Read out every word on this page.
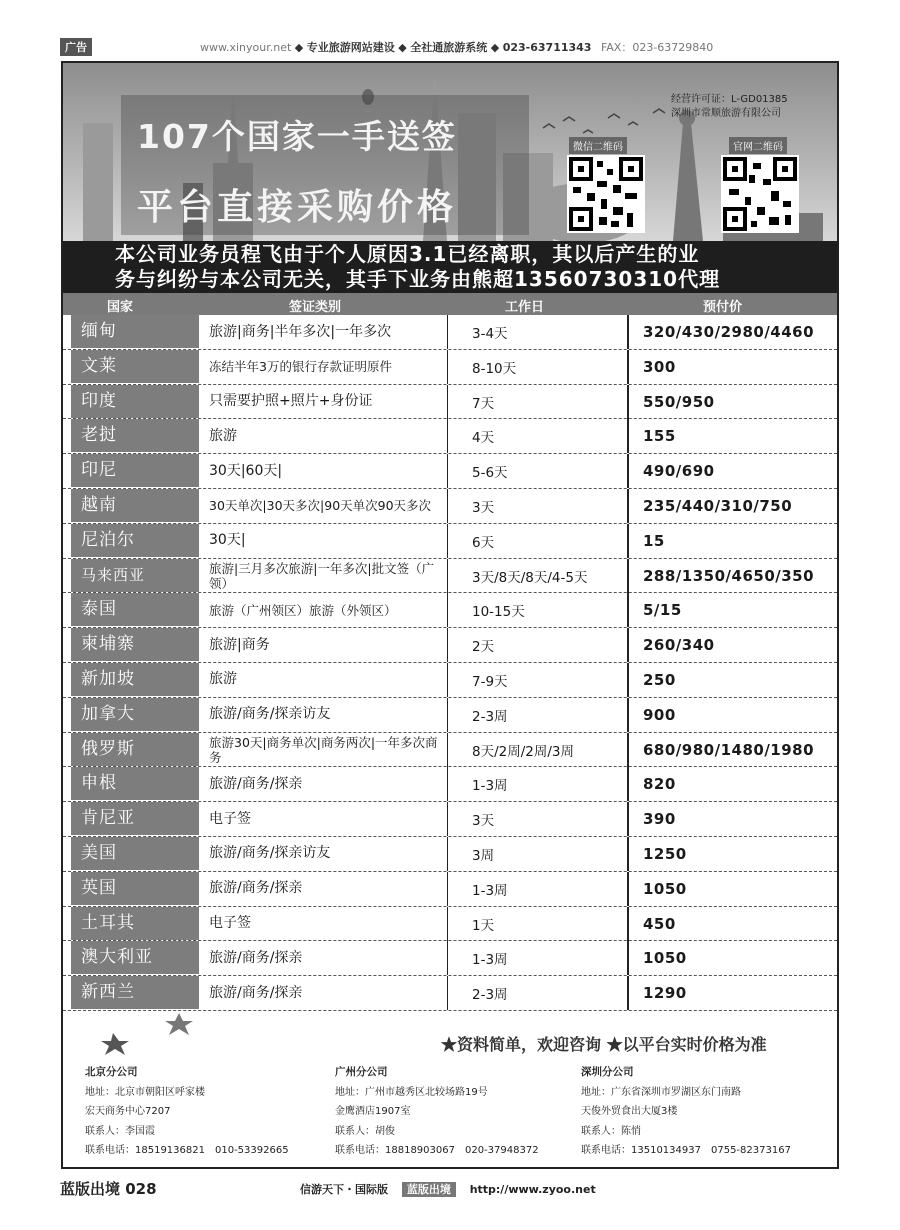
广告	www.xinyour.net ◆ 专业旅游网站建设 ◆ 全社通旅游系统 ◆ 023-63711343 FAX：023-63729840
107个国家一手送签
平台直接采购价格
经营许可证：L-GD01385
深圳市常顺旅游有限公司
微信二维码	官网二维码
本公司业务员程飞由于个人原因3.1已经离职，其以后产生的业
务与纠纷与本公司无关，其手下业务由熊超13560730310代理
国家	签证类别	工作日	预付价
缅甸	旅游|商务|半年多次|一年多次	3-4天	320/430/2980/4460
文莱	冻结半年3万的银行存款证明原件	8-10天	300
印度	只需要护照+照片+身份证	7天	550/950
老挝	旅游	4天	155
印尼	30天|60天|	5-6天	490/690
越南	30天单次|30天多次|90天单次90天多次	3天	235/440/310/750
尼泊尔	30天|	6天	15
马来西亚	旅游|三月多次旅游|一年多次|批文签（广领）	3天/8天/8天/4-5天	288/1350/4650/350
泰国	旅游（广州领区）旅游（外领区）	10-15天	5/15
柬埔寨	旅游|商务	2天	260/340
新加坡	旅游	7-9天	250
加拿大	旅游/商务/探亲访友	2-3周	900
俄罗斯	旅游30天|商务单次|商务两次|一年多次商务	8天/2周/2周/3周	680/980/1480/1980
申根	旅游/商务/探亲	1-3周	820
肯尼亚	电子签	3天	390
美国	旅游/商务/探亲访友	3周	1250
英国	旅游/商务/探亲	1-3周	1050
土耳其	电子签	1天	450
澳大利亚	旅游/商务/探亲	1-3周	1050
新西兰	旅游/商务/探亲	2-3周	1290
★资料简单，欢迎咨询 ★以平台实时价格为准
北京分公司
地址：北京市朝阳区呼家楼
宏天商务中心7207
联系人：李国霞
联系电话：18519136821　010-53392665
广州分公司
地址：广州市越秀区北较场路19号
金鹰酒店1907室
联系人：胡俊
联系电话：18818903067　020-37948372
深圳分公司
地址：广东省深圳市罗湖区东门南路
天俊外贸食出大厦3楼
联系人：陈悄
联系电话：13510134937　0755-82373167
蓝版出境 028	信游天下・国际版 蓝版出境 http://www.zyoo.net
